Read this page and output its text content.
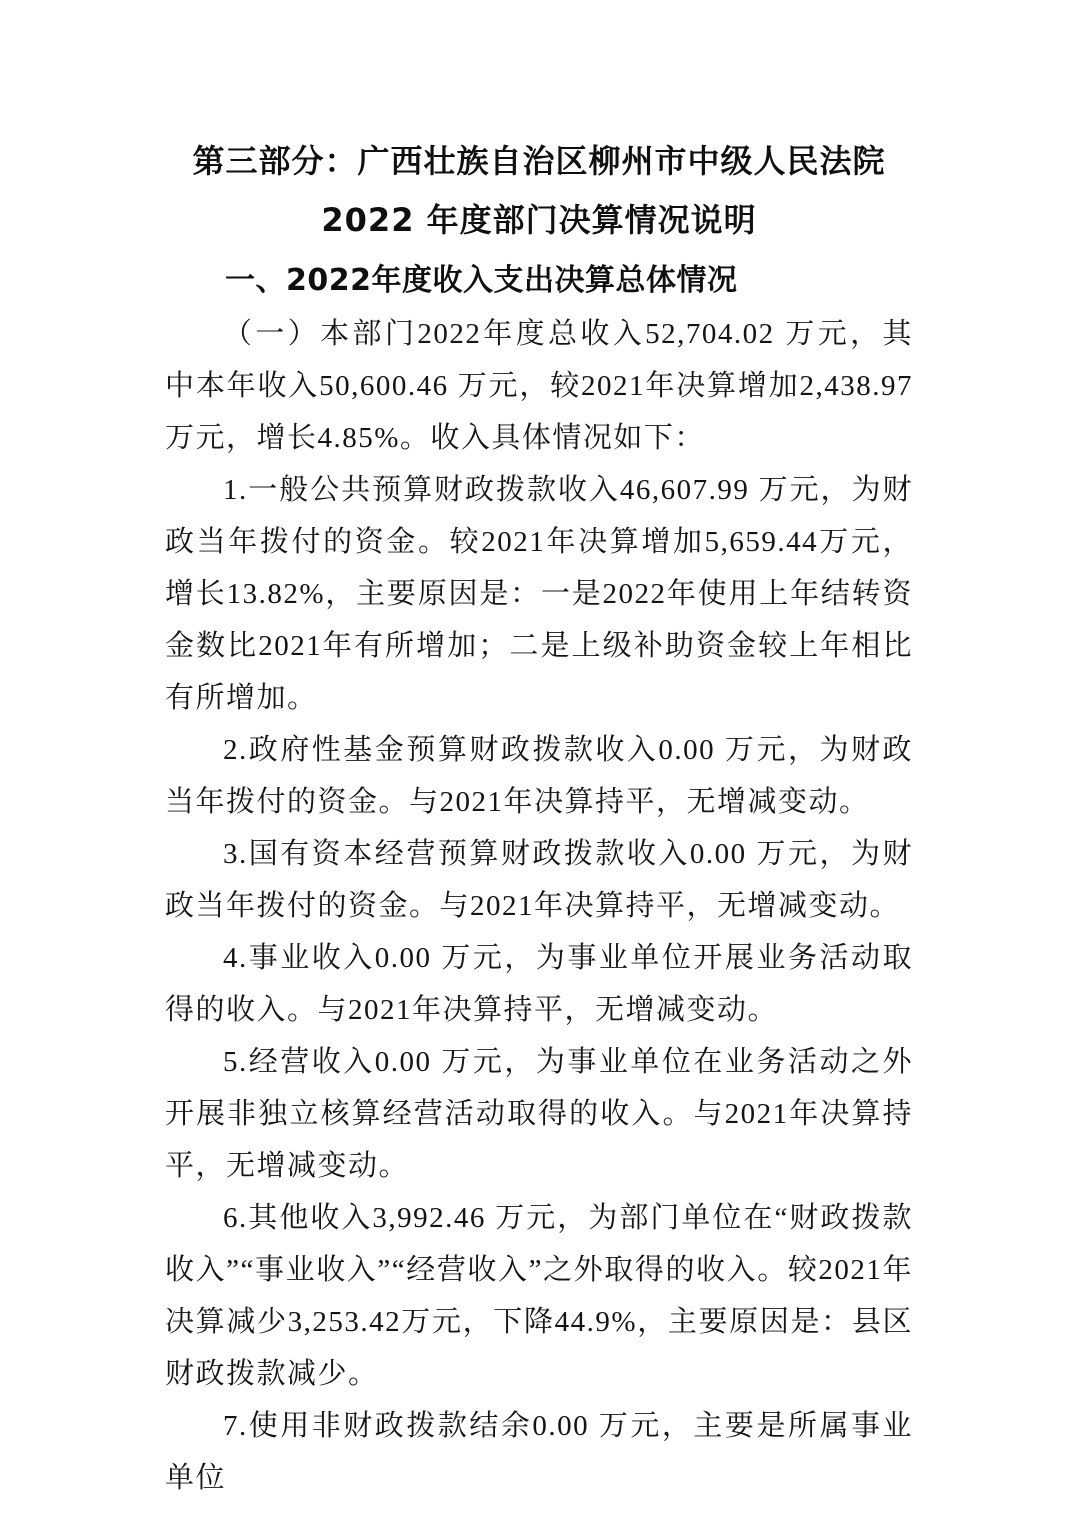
第三部分：广西壮族自治区柳州市中级人民法院
2022 年度部门决算情况说明
一、2022年度收入支出决算总体情况

（一）本部门2022年度总收入52,704.02 万元，其中本年收入50,600.46 万元，较2021年决算增加2,438.97万元，增长4.85%。收入具体情况如下：

1.一般公共预算财政拨款收入46,607.99 万元，为财政当年拨付的资金。较2021年决算增加5,659.44万元，增长13.82%，主要原因是：一是2022年使用上年结转资金数比2021年有所增加；二是上级补助资金较上年相比有所增加。

2.政府性基金预算财政拨款收入0.00 万元，为财政当年拨付的资金。与2021年决算持平，无增减变动。

3.国有资本经营预算财政拨款收入0.00 万元，为财政当年拨付的资金。与2021年决算持平，无增减变动。

4.事业收入0.00 万元，为事业单位开展业务活动取得的收入。与2021年决算持平，无增减变动。

5.经营收入0.00 万元，为事业单位在业务活动之外开展非独立核算经营活动取得的收入。与2021年决算持平，无增减变动。

6.其他收入3,992.46 万元，为部门单位在“财政拨款收入”“事业收入”“经营收入”之外取得的收入。较2021年决算减少3,253.42万元，下降44.9%，主要原因是：县区财政拨款减少。

7.使用非财政拨款结余0.00 万元，主要是所属事业单位
